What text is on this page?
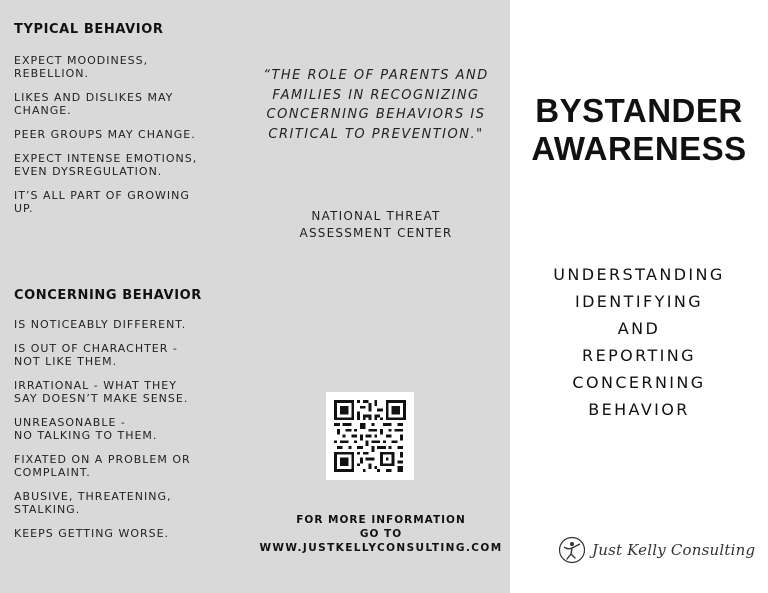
TYPICAL BEHAVIOR
EXPECT MOODINESS,
REBELLION.
LIKES AND DISLIKES MAY
CHANGE.
PEER GROUPS MAY CHANGE.
EXPECT INTENSE EMOTIONS,
EVEN DYSREGULATION.
IT’S ALL PART OF GROWING
UP.
CONCERNING BEHAVIOR
IS NOTICEABLY DIFFERENT.
IS OUT OF CHARACHTER -
NOT LIKE THEM.
IRRATIONAL - WHAT THEY
SAY DOESN’T MAKE SENSE.
UNREASONABLE -
NO TALKING TO THEM.
FIXATED ON A PROBLEM OR
COMPLAINT.
ABUSIVE, THREATENING,
STALKING.
KEEPS GETTING WORSE.
“THE ROLE OF PARENTS AND FAMILIES IN RECOGNIZING CONCERNING BEHAVIORS IS CRITICAL TO PREVENTION."
NATIONAL THREAT
ASSESSMENT CENTER
FOR MORE INFORMATION
GO TO
WWW.JUSTKELLYCONSULTING.COM
BYSTANDER
AWARENESS
UNDERSTANDING
IDENTIFYING
AND
REPORTING
CONCERNING
BEHAVIOR
Just Kelly Consulting
